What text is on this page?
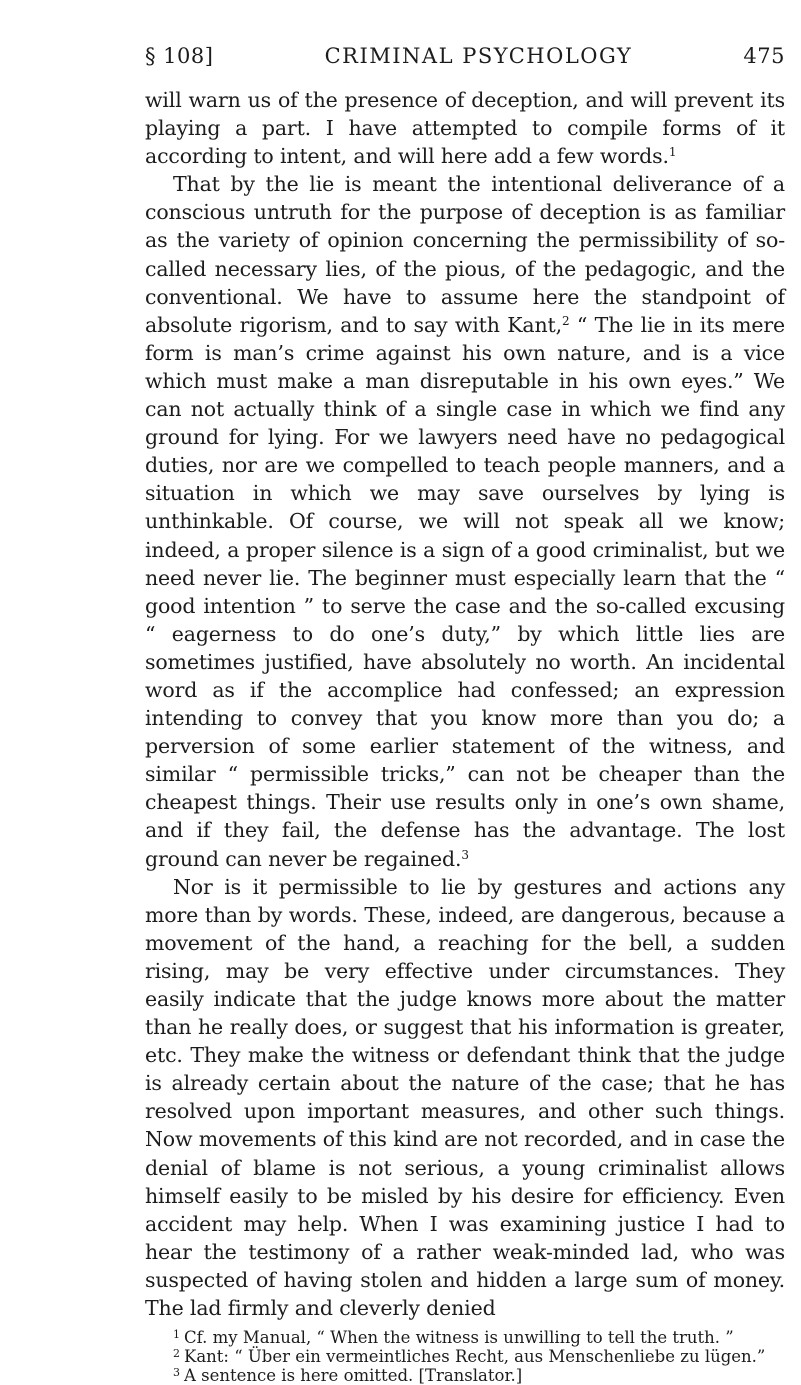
§ 108]	CRIMINAL PSYCHOLOGY	475

will warn us of the presence of deception, and will prevent its playing a part. I have attempted to compile forms of it according to intent, and will here add a few words.$^1$

That by the lie is meant the intentional deliverance of a conscious untruth for the purpose of deception is as familiar as the variety of opinion concerning the permissibility of so-called necessary lies, of the pious, of the pedagogic, and the conventional. We have to assume here the standpoint of absolute rigorism, and to say with Kant,$^2$ “ The lie in its mere form is man’s crime against his own nature, and is a vice which must make a man disreputable in his own eyes.” We can not actually think of a single case in which we find any ground for lying. For we lawyers need have no pedagogical duties, nor are we compelled to teach people manners, and a situation in which we may save ourselves by lying is unthinkable. Of course, we will not speak all we know; indeed, a proper silence is a sign of a good criminalist, but we need never lie. The beginner must especially learn that the “ good intention ” to serve the case and the so-called excusing “ eagerness to do one’s duty,” by which little lies are sometimes justified, have absolutely no worth. An incidental word as if the accomplice had confessed; an expression intending to convey that you know more than you do; a perversion of some earlier statement of the witness, and similar “ permissible tricks,” can not be cheaper than the cheapest things. Their use results only in one’s own shame, and if they fail, the defense has the advantage. The lost ground can never be regained.$^3$

Nor is it permissible to lie by gestures and actions any more than by words. These, indeed, are dangerous, because a movement of the hand, a reaching for the bell, a sudden rising, may be very effective under circumstances. They easily indicate that the judge knows more about the matter than he really does, or suggest that his information is greater, etc. They make the witness or defendant think that the judge is already certain about the nature of the case; that he has resolved upon important measures, and other such things. Now movements of this kind are not recorded, and in case the denial of blame is not serious, a young criminalist allows himself easily to be misled by his desire for efficiency. Even accident may help. When I was examining justice I had to hear the testimony of a rather weak-minded lad, who was suspected of having stolen and hidden a large sum of money. The lad firmly and cleverly denied

$^1$ Cf. my Manual, “ When the witness is unwilling to tell the truth. ”
$^2$ Kant: “ Über ein vermeintliches Recht, aus Menschenliebe zu lügen.”
$^3$ A sentence is here omitted. [Translator.]
